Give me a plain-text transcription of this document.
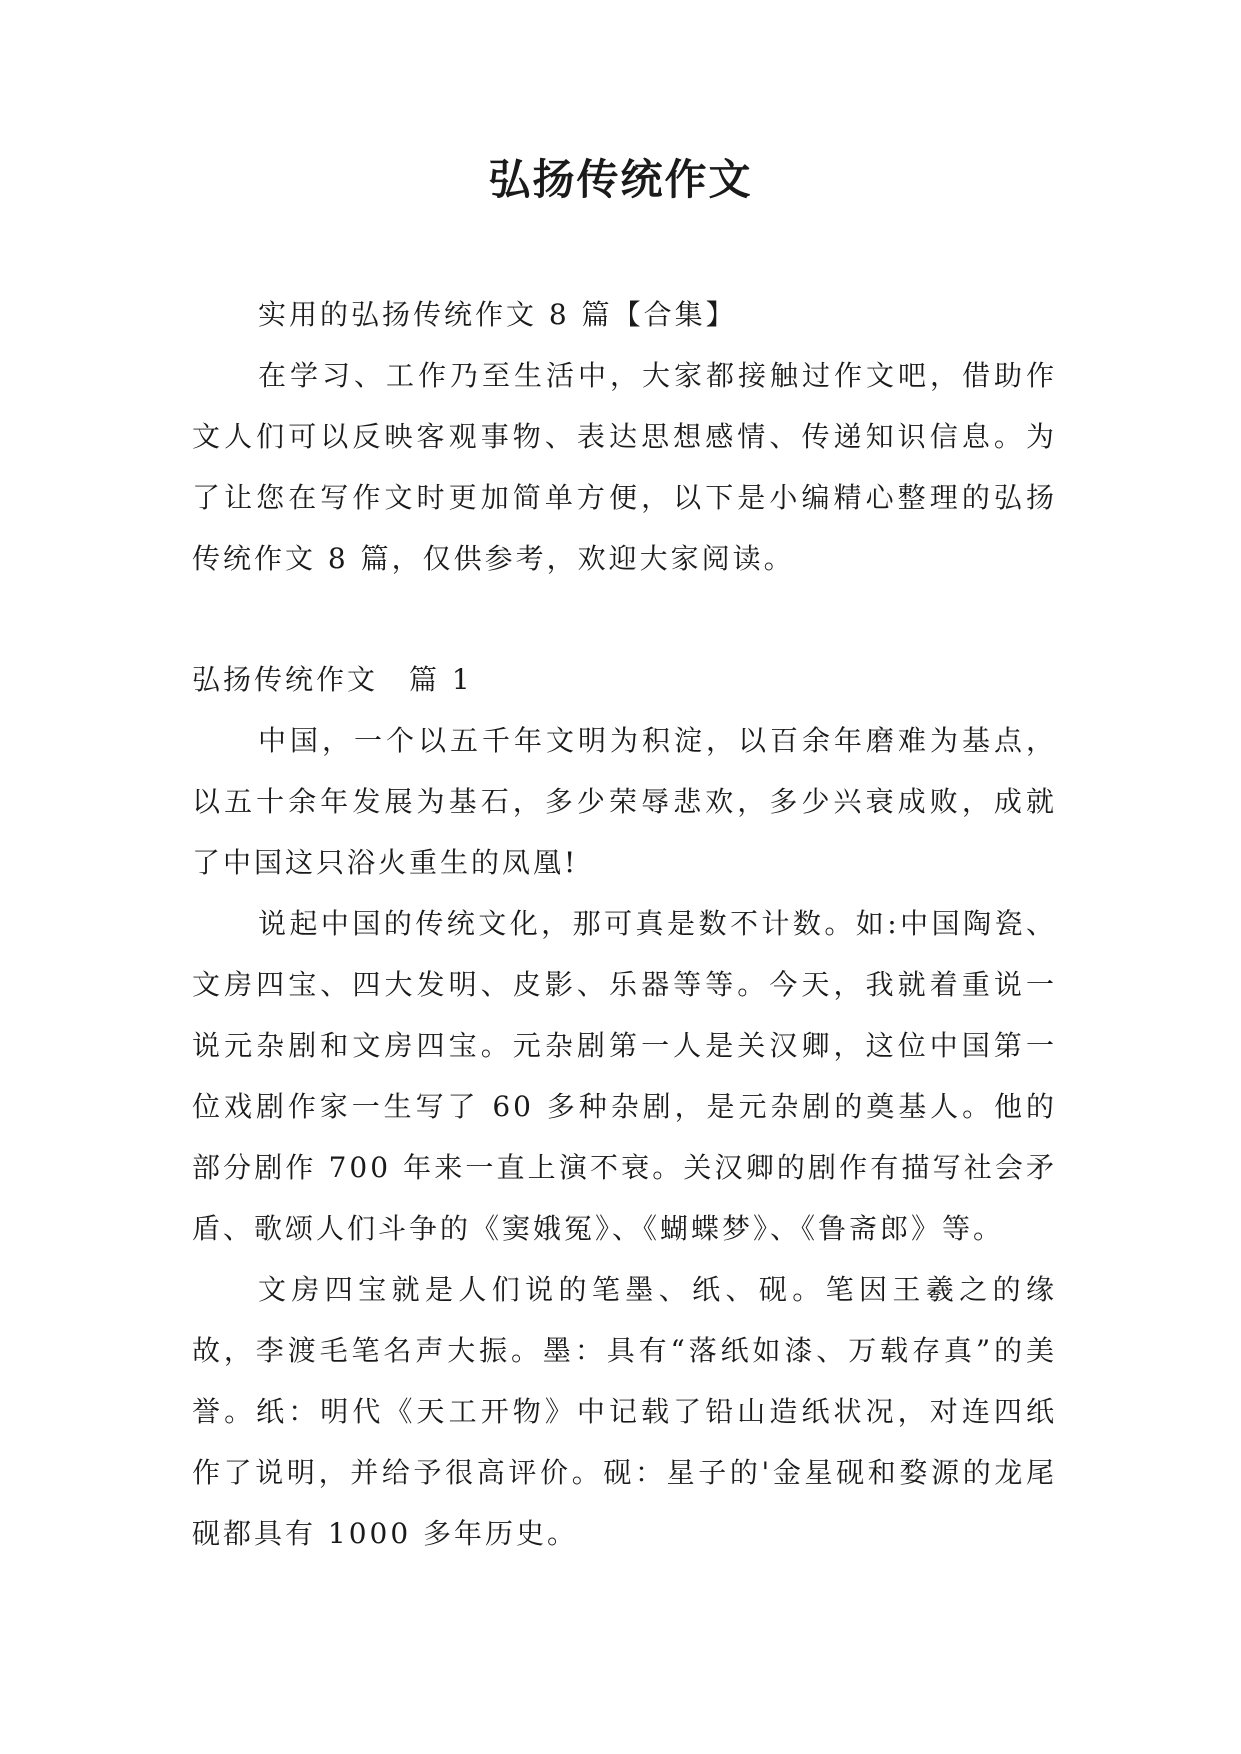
弘扬传统作文

实用的弘扬传统作文 8 篇【合集】

在学习、工作乃至生活中，大家都接触过作文吧，借助作文人们可以反映客观事物、表达思想感情、传递知识信息。为了让您在写作文时更加简单方便，以下是小编精心整理的弘扬传统作文 8 篇，仅供参考，欢迎大家阅读。

弘扬传统作文　篇 1

中国，一个以五千年文明为积淀，以百余年磨难为基点，以五十余年发展为基石，多少荣辱悲欢，多少兴衰成败，成就了中国这只浴火重生的凤凰!

说起中国的传统文化，那可真是数不计数。如:中国陶瓷、文房四宝、四大发明、皮影、乐器等等。今天，我就着重说一说元杂剧和文房四宝。元杂剧第一人是关汉卿，这位中国第一位戏剧作家一生写了 60 多种杂剧，是元杂剧的奠基人。他的部分剧作 700 年来一直上演不衰。关汉卿的剧作有描写社会矛盾、歌颂人们斗争的《窦娥冤》、《蝴蝶梦》、《鲁斋郎》等。

文房四宝就是人们说的笔墨、纸、砚。笔因王羲之的缘故，李渡毛笔名声大振。墨：具有“落纸如漆、万载存真”的美誉。纸：明代《天工开物》中记载了铅山造纸状况，对连四纸作了说明，并给予很高评价。砚：星子的'金星砚和婺源的龙尾砚都具有 1000 多年历史。
